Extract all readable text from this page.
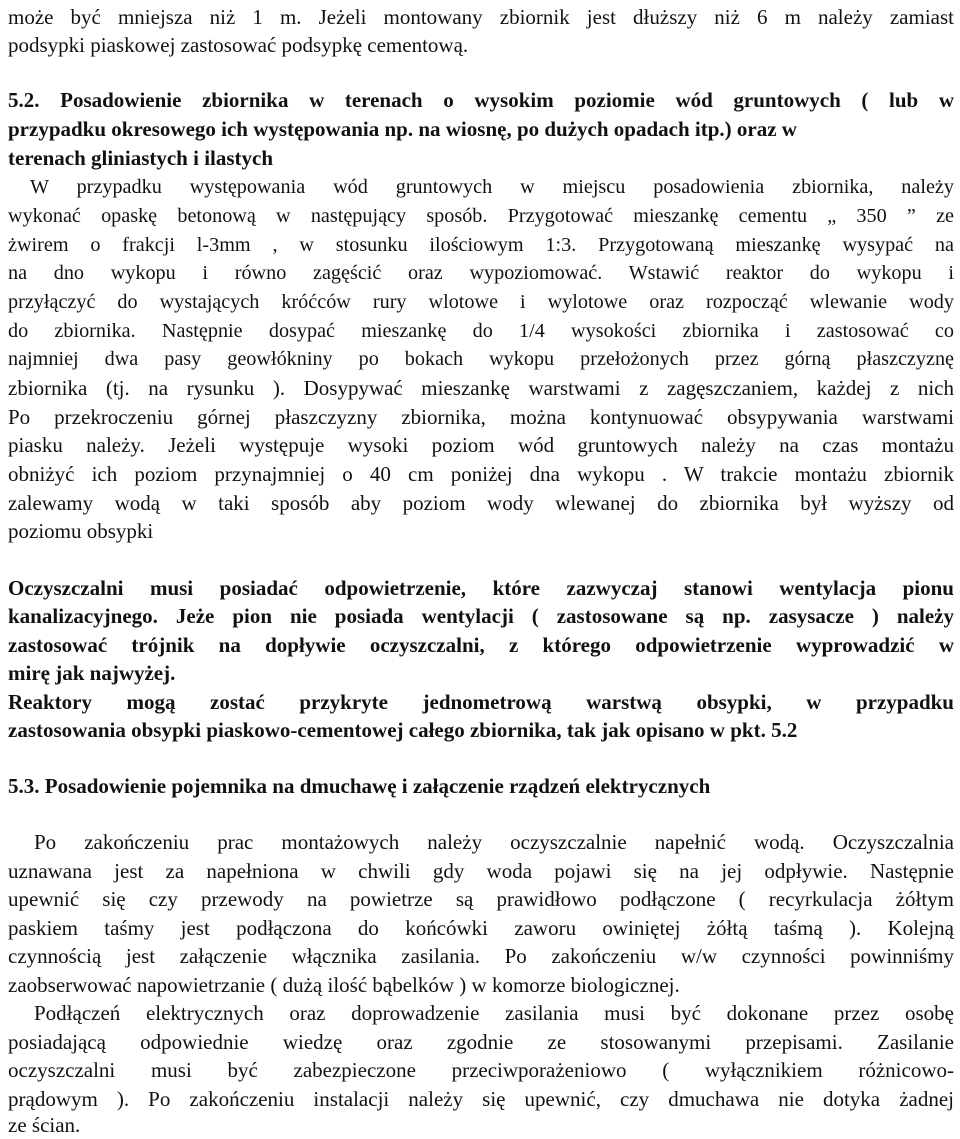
może być mniejsza niż 1 m. Jeżeli montowany zbiornik jest dłuższy niż 6 m należy zamiast
podsypki piaskowej zastosować podsypkę cementową.
5.2. Posadowienie zbiornika w terenach o wysokim poziomie wód gruntowych ( lub w
przypadku okresowego ich występowania np. na wiosnę, po dużych opadach itp.) oraz w
terenach gliniastych i ilastych
W przypadku występowania wód gruntowych w miejscu posadowienia zbiornika, należy
wykonać opaskę betonową w następujący sposób. Przygotować mieszankę cementu „ 350 ” ze
żwirem o frakcji l-3mm , w stosunku ilościowym 1:3. Przygotowaną mieszankę wysypać na
na dno wykopu i równo zagęścić oraz wypoziomować. Wstawić reaktor do wykopu i
przyłączyć do wystających króćców rury wlotowe i wylotowe oraz rozpocząć wlewanie wody
do zbiornika. Następnie dosypać mieszankę do 1/4 wysokości zbiornika i zastosować co
najmniej dwa pasy geowłókniny po bokach wykopu przełożonych przez górną płaszczyznę
zbiornika (tj. na rysunku ). Dosypywać mieszankę warstwami z zagęszczaniem, każdej z nich
Po przekroczeniu górnej płaszczyzny zbiornika, można kontynuować obsypywania warstwami
piasku należy. Jeżeli występuje wysoki poziom wód gruntowych należy na czas montażu
obniżyć ich poziom przynajmniej o 40 cm poniżej dna wykopu . W trakcie montażu zbiornik
zalewamy wodą w taki sposób aby poziom wody wlewanej do zbiornika był wyższy od
poziomu obsypki
Oczyszczalni musi posiadać odpowietrzenie, które zazwyczaj stanowi wentylacja pionu
kanalizacyjnego. Jeże pion nie posiada wentylacji ( zastosowane są np. zasysacze ) należy
zastosować trójnik na dopływie oczyszczalni, z którego odpowietrzenie wyprowadzić w
mirę jak najwyżej.
Reaktory mogą zostać przykryte jednometrową warstwą obsypki, w przypadku
zastosowania obsypki piaskowo-cementowej całego zbiornika, tak jak opisano w pkt. 5.2
5.3. Posadowienie pojemnika na dmuchawę i załączenie rządzeń elektrycznych
Po zakończeniu prac montażowych należy oczyszczalnie napełnić wodą. Oczyszczalnia
uznawana jest za napełniona w chwili gdy woda pojawi się na jej odpływie. Następnie
upewnić się czy przewody na powietrze są prawidłowo podłączone ( recyrkulacja żółtym
paskiem taśmy jest podłączona do końcówki zaworu owiniętej żółtą taśmą ). Kolejną
czynnością jest załączenie włącznika zasilania. Po zakończeniu w/w czynności powinniśmy
zaobserwować napowietrzanie ( dużą ilość bąbelków ) w komorze biologicznej.
Podłączeń elektrycznych oraz doprowadzenie zasilania musi być dokonane przez osobę
posiadającą odpowiednie wiedzę oraz zgodnie ze stosowanymi przepisami. Zasilanie
oczyszczalni musi być zabezpieczone przeciwporażeniowo ( wyłącznikiem różnicowo-
prądowym ). Po zakończeniu instalacji należy się upewnić, czy dmuchawa nie dotyka żadnej
ze ścian.
